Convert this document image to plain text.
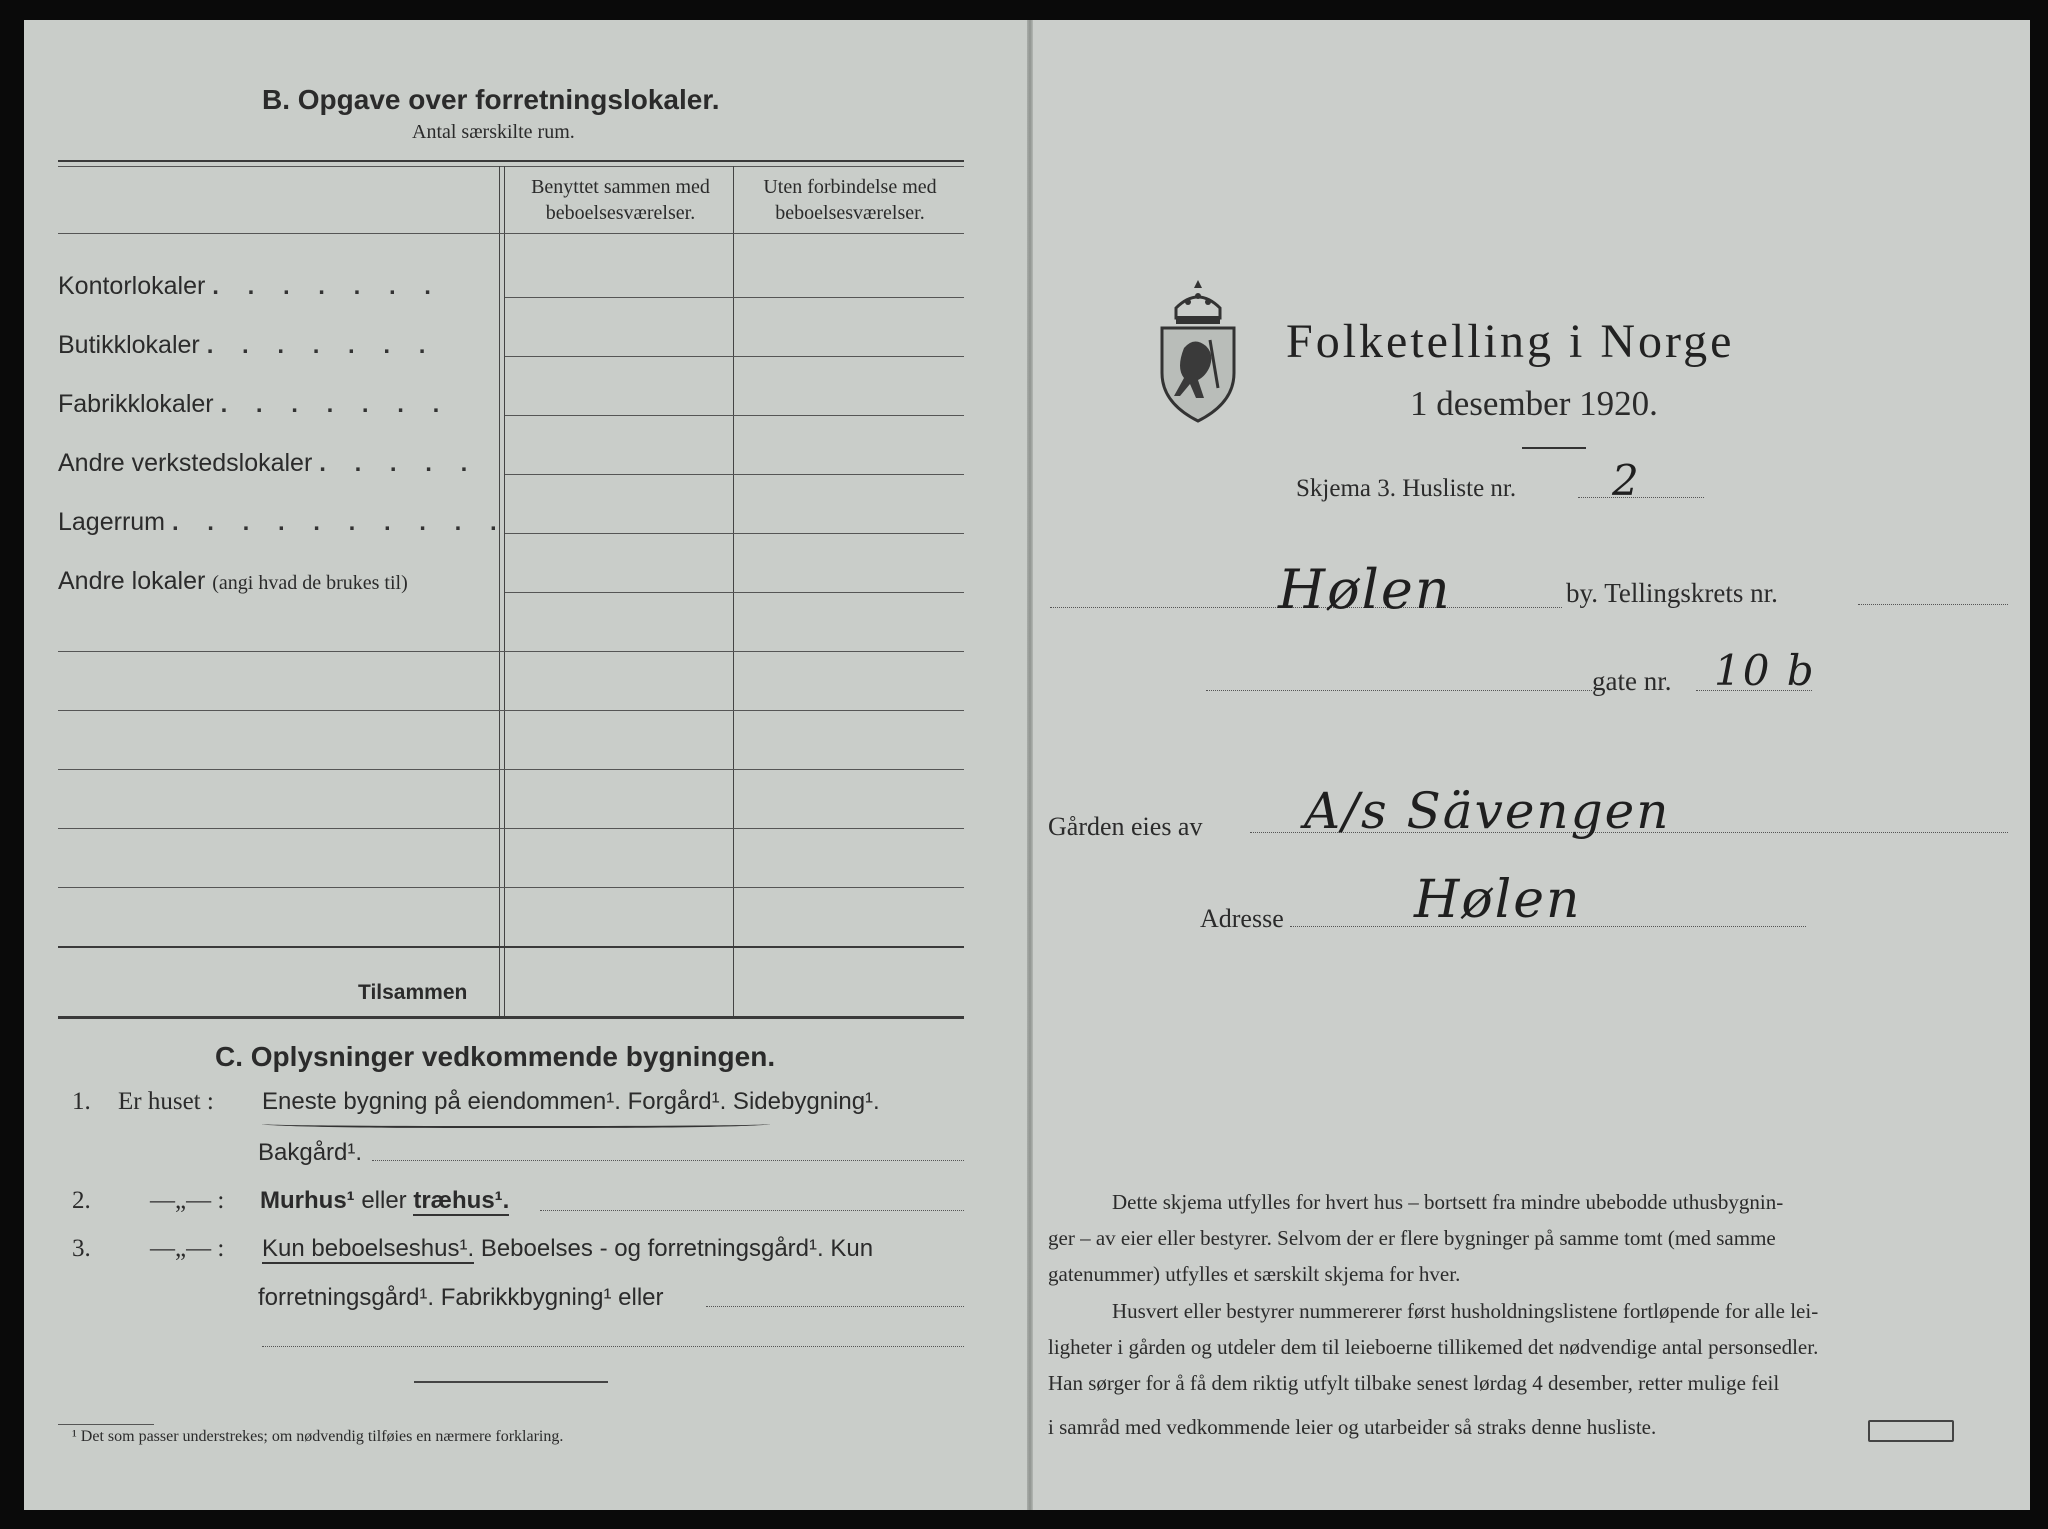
B. Opgave over forretningslokaler.
Antal særskilte rum.
Benyttet sammen med
beboelsesværelser.
Uten forbindelse med
beboelsesværelser.
Kontorlokaler . . . . . . .
Butikklokaler . . . . . . .
Fabrikklokaler . . . . . . .
Andre verkstedslokaler . . . . .
Lagerrum . . . . . . . . . .
Andre lokaler (angi hvad de brukes til)
Tilsammen
C. Oplysninger vedkommende bygningen.
1. Er huset : Eneste bygning på eiendommen¹. Forgård¹. Sidebygning¹.
Bakgård¹.
2. —„— : Murhus¹ eller træhus¹.
3. —„— : Kun beboelseshus¹. Beboelses - og forretningsgård¹. Kun
forretningsgård¹. Fabrikkbygning¹ eller
¹ Det som passer understrekes; om nødvendig tilføies en nærmere forklaring.
Folketelling i Norge
1 desember 1920.
Skjema 3. Husliste nr. 2
Hølen	by. Tellingskrets nr.
gate nr. 10 b
Gården eies av A/s Sävengen
Adresse	Hølen
Dette skjema utfylles for hvert hus – bortsett fra mindre ubebodde uthusbygnin-
ger – av eier eller bestyrer. Selvom der er flere bygninger på samme tomt (med samme
gatenummer) utfylles et særskilt skjema for hver.
Husvert eller bestyrer nummererer først husholdningslistene fortløpende for alle lei-
ligheter i gården og utdeler dem til leieboerne tillikemed det nødvendige antal personsedler.
Han sørger for å få dem riktig utfylt tilbake senest lørdag 4 desember, retter mulige feil
i samråd med vedkommende leier og utarbeider så straks denne husliste.
